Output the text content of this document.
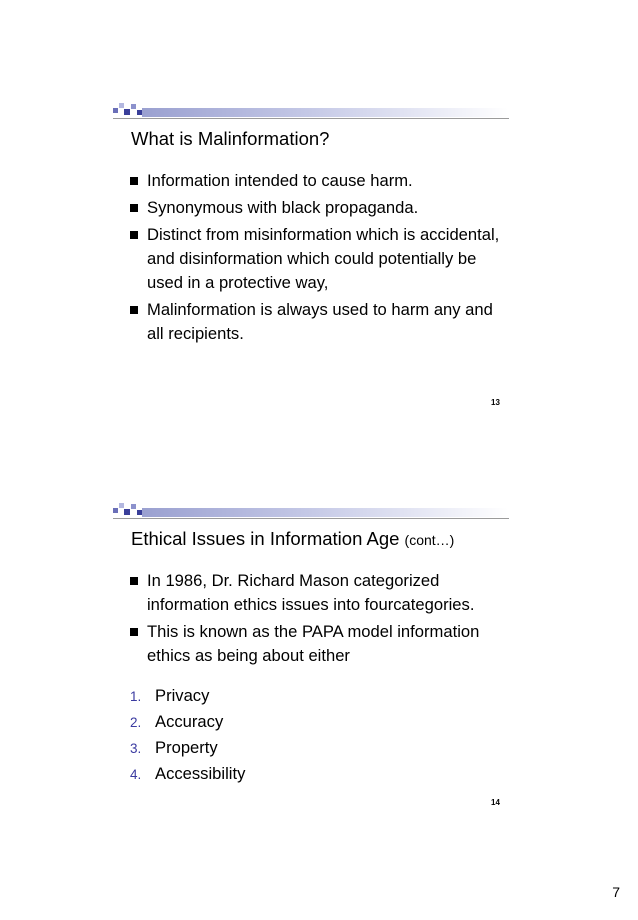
What is Malinformation?
Information intended to cause harm.
Synonymous with black propaganda.
Distinct from misinformation which is accidental, and disinformation which could potentially be used in a protective way,
Malinformation is always used to harm any and all recipients.
13
Ethical Issues in Information Age (cont…)
In 1986, Dr. Richard Mason categorized information ethics issues into fourcategories.
This is known as the PAPA model information ethics as being about either
1. Privacy
2. Accuracy
3. Property
4. Accessibility
14
7
